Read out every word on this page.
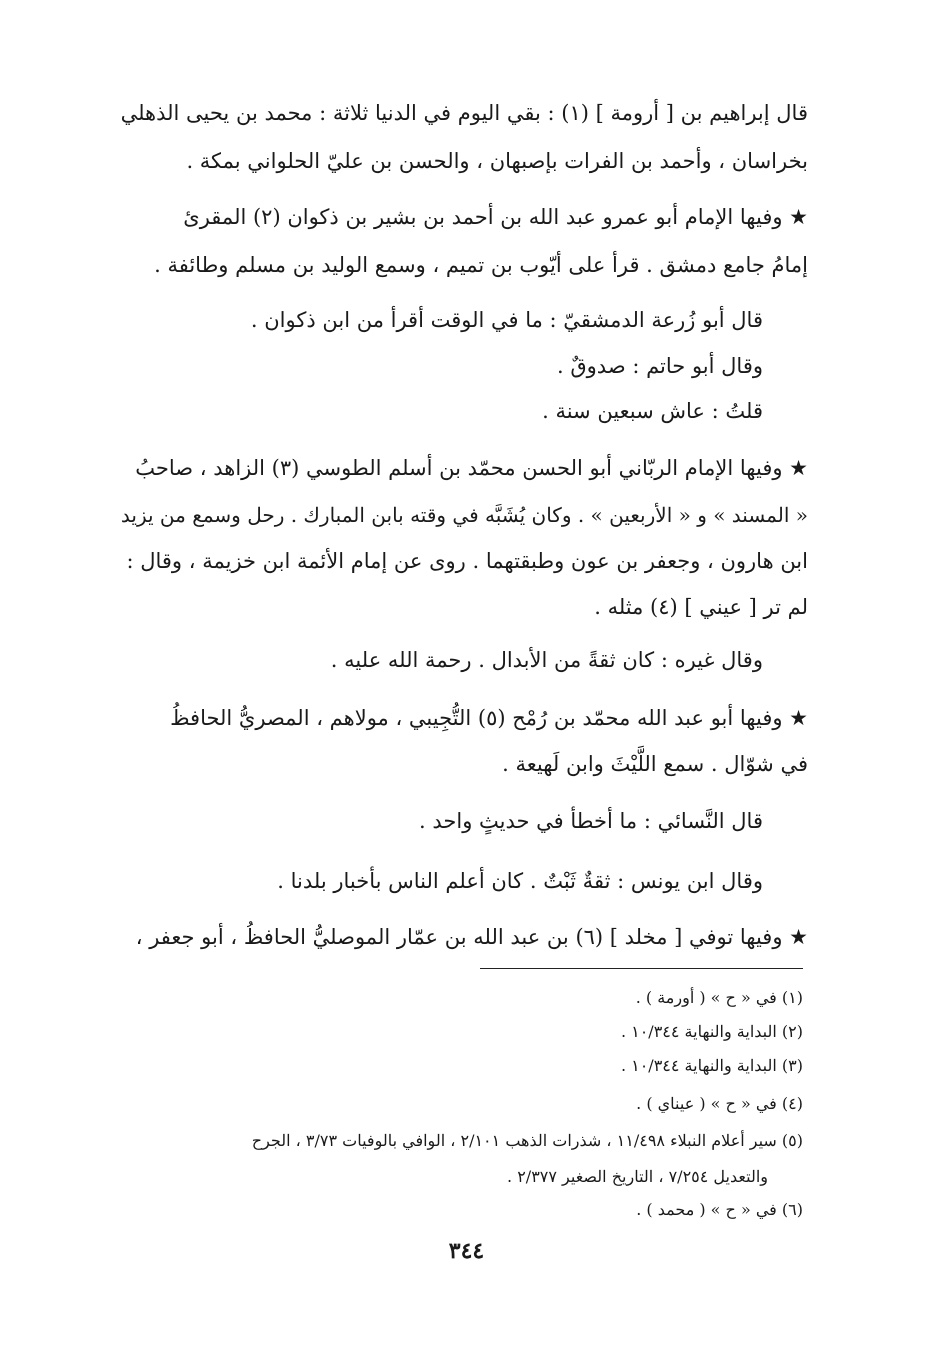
قال إبراهيم بن [ أرومة ] (١) : بقي اليوم في الدنيا ثلاثة : محمد بن يحيى الذهلي
بخراسان ، وأحمد بن الفرات بإصبهان ، والحسن بن عليّ الحلواني بمكة .
★ وفيها الإمام أبو عمرو عبد الله بن أحمد بن بشير بن ذكوان (٢) المقرئ
إمامُ جامع دمشق . قرأ على أيّوب بن تميم ، وسمع الوليد بن مسلم وطائفة .
قال أبو زُرعة الدمشقيّ : ما في الوقت أقرأ من ابن ذكوان .
وقال أبو حاتم : صدوقٌ .
قلتُ : عاش سبعين سنة .
★ وفيها الإمام الربّاني أبو الحسن محمّد بن أسلم الطوسي (٣) الزاهد ، صاحبُ
« المسند » و « الأربعين » . وكان يُشَبَّه في وقته بابن المبارك . رحل وسمع من يزيد
ابن هارون ، وجعفر بن عون وطبقتهما . روى عن إمام الأئمة ابن خزيمة ، وقال :
لم تر [ عيني ] (٤) مثله .
وقال غيره : كان ثقةً من الأبدال . رحمة الله عليه .
★ وفيها أبو عبد الله محمّد بن رُمْح (٥) التُّجِيبي ، مولاهم ، المصريُّ الحافظُ
في شوّال . سمع اللَّيْثَ وابن لَهيعة .
قال النَّسائي : ما أخطأ في حديثٍ واحد .
وقال ابن يونس : ثقةٌ ثَبْتٌ . كان أعلم الناس بأخبار بلدنا .
★ وفيها توفي [ مخلد ] (٦) بن عبد الله بن عمّار الموصليُّ الحافظُ ، أبو جعفر ،
(١) في « ح » ( أورمة ) .
(٢) البداية والنهاية ١٠/٣٤٤ .
(٣) البداية والنهاية ١٠/٣٤٤ .
(٤) في « ح » ( عيناي ) .
(٥) سير أعلام النبلاء ١١/٤٩٨ ، شذرات الذهب ٢/١٠١ ، الوافي بالوفيات ٣/٧٣ ، الجرح
والتعديل ٧/٢٥٤ ، التاريخ الصغير ٢/٣٧٧ .
(٦) في « ح » ( محمد ) .
٣٤٤
